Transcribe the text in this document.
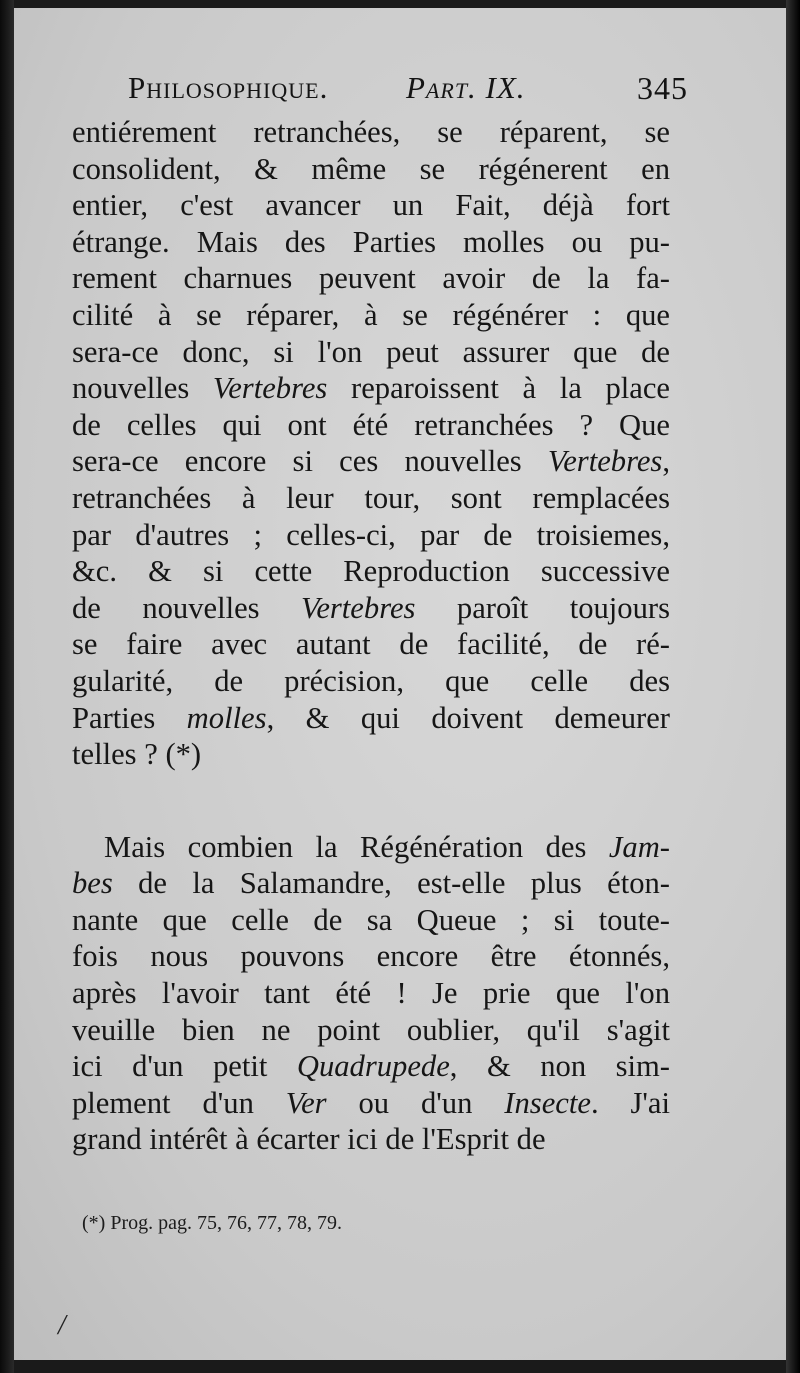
Philosophique.	Part. IX.	345
entiérement retranchées, se réparent, se
consolident, & même se régénerent en
entier, c'est avancer un Fait, déjà fort
étrange. Mais des Parties molles ou pu-
rement charnues peuvent avoir de la fa-
cilité à se réparer, à se régénérer : que
sera-ce donc, si l'on peut assurer que de
nouvelles Vertebres reparoissent à la place
de celles qui ont été retranchées ? Que
sera-ce encore si ces nouvelles Vertebres,
retranchées à leur tour, sont remplacées
par d'autres ; celles-ci, par de troisiemes,
&c. & si cette Reproduction successive
de nouvelles Vertebres paroît toujours
se faire avec autant de facilité, de ré-
gularité, de précision, que celle des
Parties molles, & qui doivent demeurer
telles ? (*)
Mais combien la Régénération des Jam-
bes de la Salamandre, est-elle plus éton-
nante que celle de sa Queue ; si toute-
fois nous pouvons encore être étonnés,
après l'avoir tant été ! Je prie que l'on
veuille bien ne point oublier, qu'il s'agit
ici d'un petit Quadrupede, & non sim-
plement d'un Ver ou d'un Insecte. J'ai
grand intérêt à écarter ici de l'Esprit de
(*) Prog. pag. 75, 76, 77, 78, 79.
/
